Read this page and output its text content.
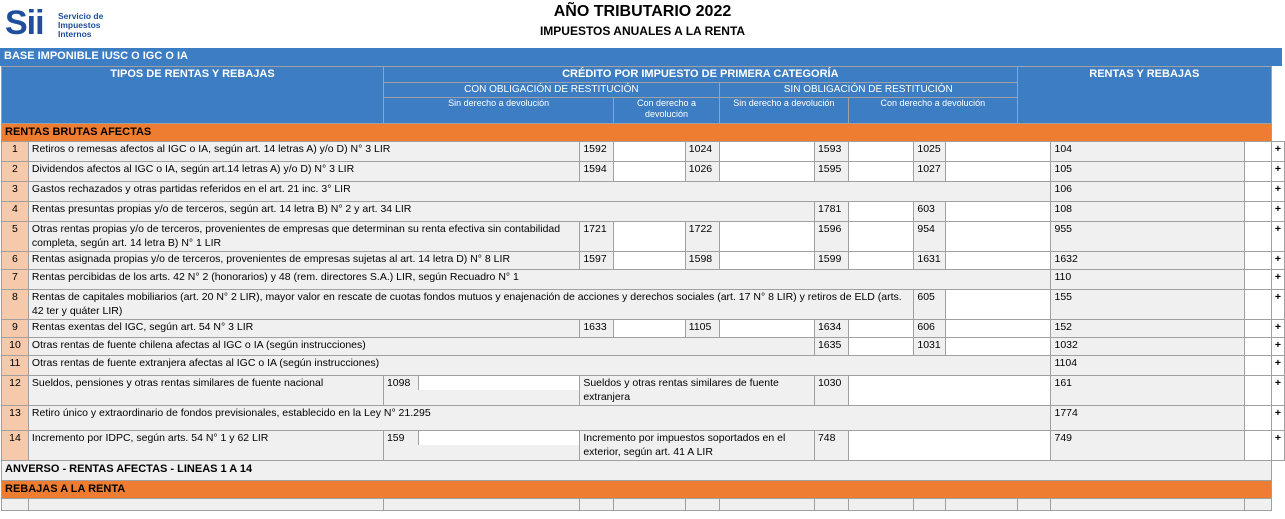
Sii Servicio de Impuestos Internos
AÑO TRIBUTARIO 2022
IMPUESTOS ANUALES A LA RENTA
BASE IMPONIBLE IUSC O IGC O IA
TIPOS DE RENTAS Y REBAJAS		CRÉDITO POR IMPUESTO DE PRIMERA CATEGORÍA									RENTAS Y REBAJAS			
		CON OBLIGACIÓN DE RESTITUCIÓN				SIN OBLIGACIÓN DE RESTITUCIÓN								
		Sin derecho a devolución		Con derecho a devolución		Sin derecho a devolución		Con derecho a devolución						
RENTAS BRUTAS AFECTAS														
1	Retiros o remesas afectos al IGC o IA, según art. 14 letras A) y/o D) N° 3 LIR		1592		1024		1593		1025			104		+
2	Dividendos afectos al IGC o IA, según art.14 letras A) y/o D) N° 3 LIR		1594		1026		1595		1027			105		+
3	Gastos rechazados y otras partidas referidos en el art. 21 inc. 3° LIR											106		+
4	Rentas presuntas propias y/o de terceros, según art. 14 letra B) N° 2 y art. 34 LIR						1781		603			108		+
5	Otras rentas propias y/o de terceros, provenientes de empresas que determinan su renta efectiva sin contabilidad completa, según art. 14 letra B) N° 1 LIR		1721		1722		1596		954			955		+
6	Rentas asignada propias y/o de terceros, provenientes de empresas sujetas al art. 14 letra D) N° 8 LIR		1597		1598		1599		1631			1632		+
7	Rentas percibidas de los arts. 42 N° 2 (honorarios) y 48 (rem. directores S.A.) LIR, según Recuadro N° 1											110		+
8	Rentas de capitales mobiliarios (art. 20 N° 2 LIR), mayor valor en rescate de cuotas fondos mutuos y enajenación de acciones y derechos sociales (art. 17 N° 8 LIR) y retiros de ELD (arts. 42 ter y quáter LIR)								605			155		+
9	Rentas exentas del IGC, según art. 54 N° 3 LIR		1633		1105		1634		606			152		+
10	Otras rentas de fuente chilena afectas al IGC o IA (según instrucciones)						1635		1031			1032		+
11	Otras rentas de fuente extranjera afectas al IGC o IA (según instrucciones)											1104		+
12	Sueldos, pensiones y otras rentas similares de fuente nacional	1098	Sueldos y otras rentas similares de fuente extranjera				1030					161		+
13	Retiro único y extraordinario de fondos previsionales, establecido en la Ley N° 21.295											1774		+
14	Incremento por IDPC, según arts. 54 N° 1 y 62 LIR	159	Incremento por impuestos soportados en el exterior, según art. 41 A LIR				748					749		+
ANVERSO - RENTAS AFECTAS - LINEAS 1 A 14														
REBAJAS A LA RENTA														
